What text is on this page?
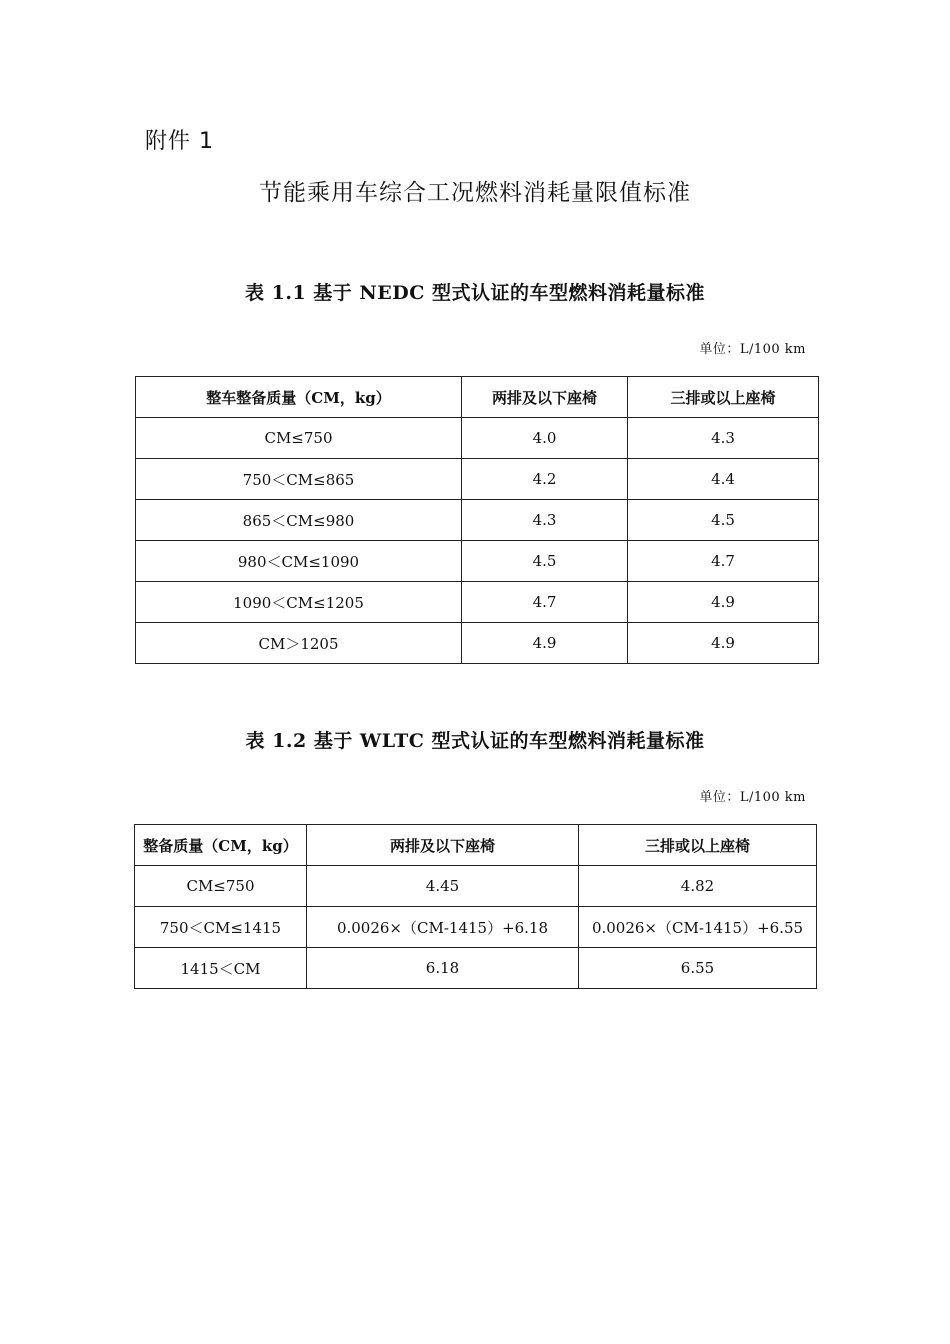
附件 1
节能乘用车综合工况燃料消耗量限值标准
表 1.1 基于 NEDC 型式认证的车型燃料消耗量标准
单位：L/100 km
整车整备质量（CM，kg）	两排及以下座椅	三排或以上座椅
CM≤750	4.0	4.3
750＜CM≤865	4.2	4.4
865＜CM≤980	4.3	4.5
980＜CM≤1090	4.5	4.7
1090＜CM≤1205	4.7	4.9
CM＞1205	4.9	4.9
表 1.2 基于 WLTC 型式认证的车型燃料消耗量标准
单位：L/100 km
整备质量（CM，kg）	两排及以下座椅	三排或以上座椅
CM≤750	4.45	4.82
750＜CM≤1415	0.0026×（CM-1415）+6.18	0.0026×（CM-1415）+6.55
1415＜CM	6.18	6.55
